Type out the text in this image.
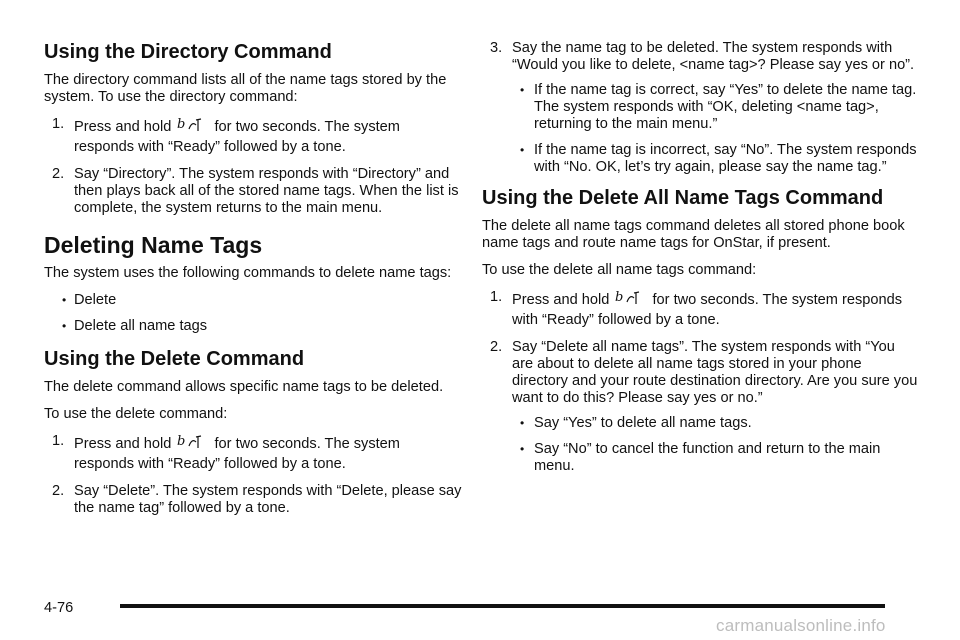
Using the Directory Command

The directory command lists all of the name tags stored by the system. To use the directory command:

1. Press and hold b for two seconds. The system responds with “Ready” followed by a tone.
2. Say “Directory”. The system responds with “Directory” and then plays back all of the stored name tags. When the list is complete, the system returns to the main menu.
Deleting Name Tags

The system uses the following commands to delete name tags:

• Delete
• Delete all name tags
Using the Delete Command

The delete command allows specific name tags to be deleted.

To use the delete command:

1. Press and hold b for two seconds. The system responds with “Ready” followed by a tone.
2. Say “Delete”. The system responds with “Delete, please say the name tag” followed by a tone.
3. Say the name tag to be deleted. The system responds with “Would you like to delete, <name tag>? Please say yes or no”.
• If the name tag is correct, say “Yes” to delete the name tag. The system responds with “OK, deleting <name tag>, returning to the main menu.”
• If the name tag is incorrect, say “No”. The system responds with “No. OK, let’s try again, please say the name tag.”
Using the Delete All Name Tags Command

The delete all name tags command deletes all stored phone book name tags and route name tags for OnStar, if present.

To use the delete all name tags command:

1. Press and hold b for two seconds. The system responds with “Ready” followed by a tone.
2. Say “Delete all name tags”. The system responds with “You are about to delete all name tags stored in your phone directory and your route destination directory. Are you sure you want to do this? Please say yes or no.”
• Say “Yes” to delete all name tags.
• Say “No” to cancel the function and return to the main menu.
4-76
carmanualsonline.info
